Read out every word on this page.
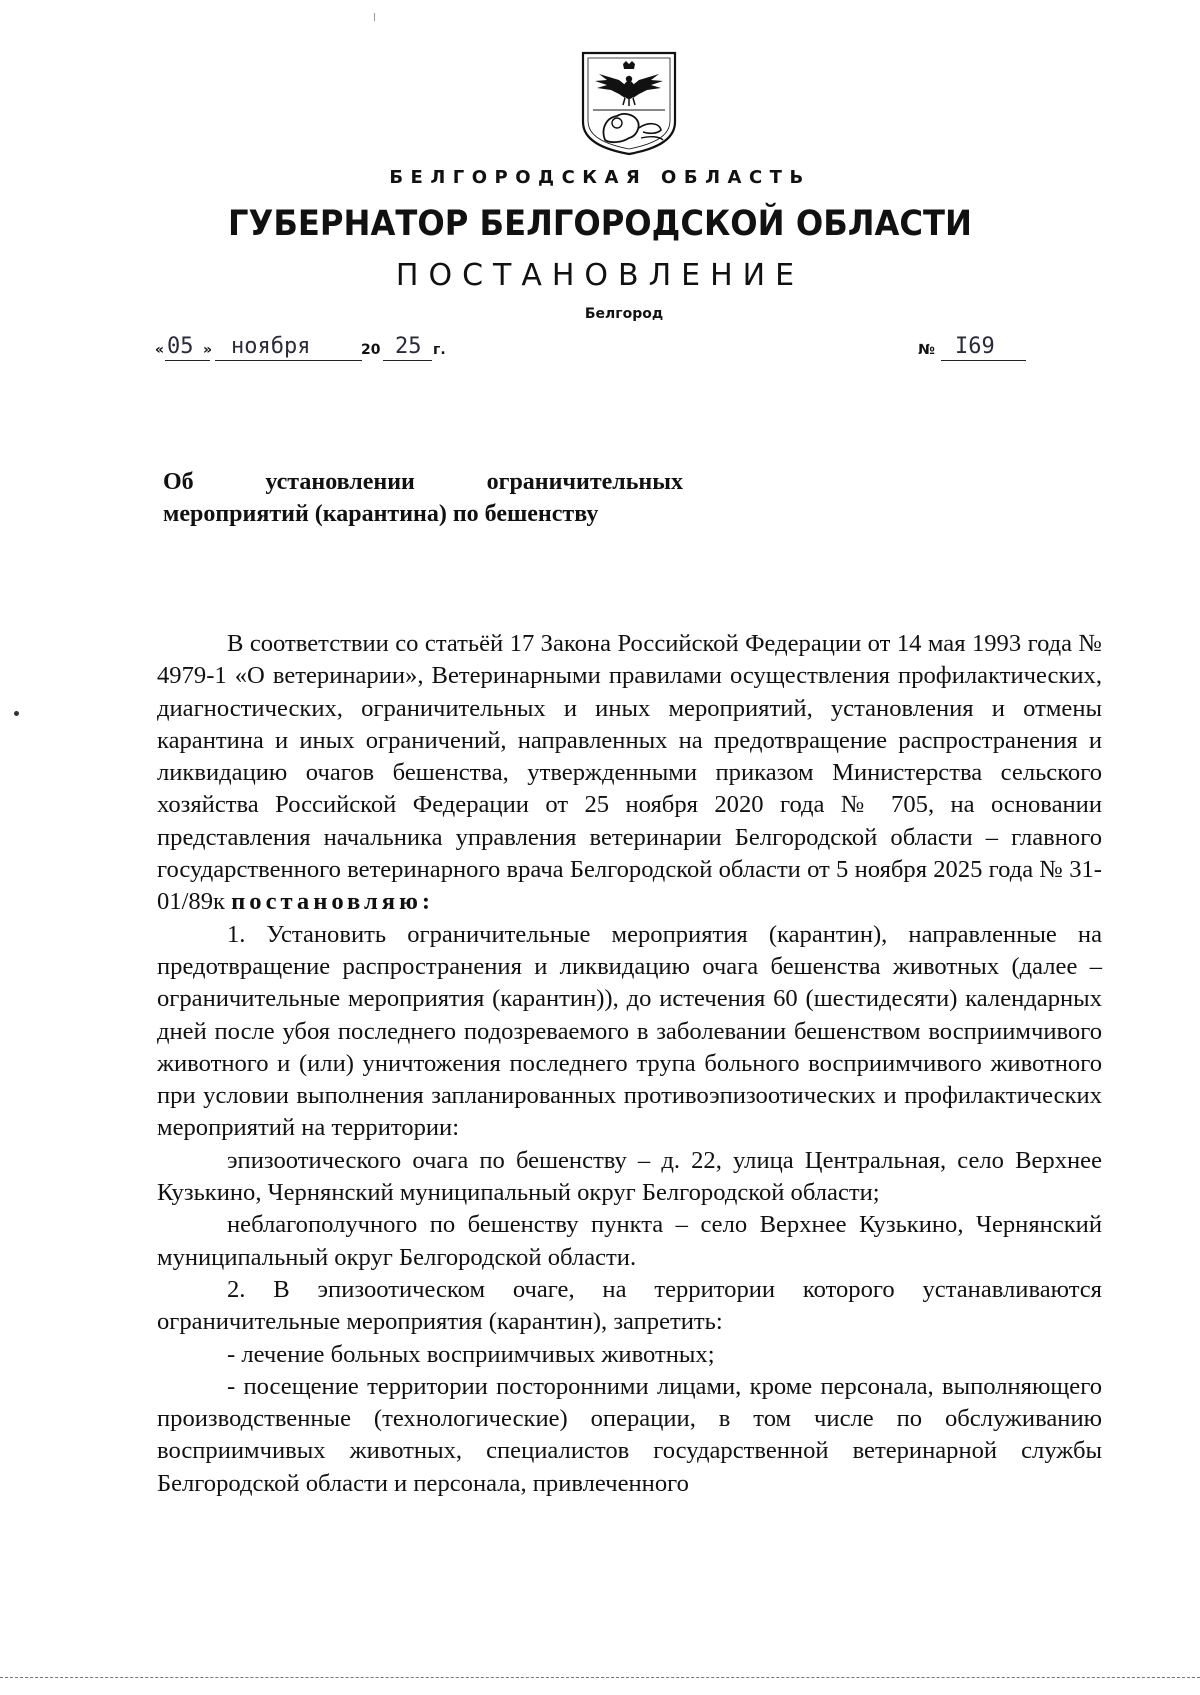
БЕЛГОРОДСКАЯ ОБЛАСТЬ
ГУБЕРНАТОР БЕЛГОРОДСКОЙ ОБЛАСТИ
ПОСТАНОВЛЕНИЕ
Белгород
« 05 » ноября	20 25 г.	№ I69
Об	установлении	ограничительных
мероприятий (карантина) по бешенству

В соответствии со статьёй 17 Закона Российской Федерации от 14 мая 1993 года № 4979-1 «О ветеринарии», Ветеринарными правилами осуществления профилактических, диагностических, ограничительных и иных мероприятий, установления и отмены карантина и иных ограничений, направленных на предотвращение распространения и ликвидацию очагов бешенства, утвержденными приказом Министерства сельского хозяйства Российской Федерации от 25 ноября 2020 года № 705, на основании представления начальника управления ветеринарии Белгородской области – главного государственного ветеринарного врача Белгородской области от 5 ноября 2025 года № 31-01/89к постановляю:

1. Установить ограничительные мероприятия (карантин), направленные на предотвращение распространения и ликвидацию очага бешенства животных (далее – ограничительные мероприятия (карантин)), до истечения 60 (шестидесяти) календарных дней после убоя последнего подозреваемого в заболевании бешенством восприимчивого животного и (или) уничтожения последнего трупа больного восприимчивого животного при условии выполнения запланированных противоэпизоотических и профилактических мероприятий на территории:

эпизоотического очага по бешенству – д. 22, улица Центральная, село Верхнее Кузькино, Чернянский муниципальный округ Белгородской области;

неблагополучного по бешенству пункта – село Верхнее Кузькино, Чернянский муниципальный округ Белгородской области.

2. В эпизоотическом очаге, на территории которого устанавливаются ограничительные мероприятия (карантин), запретить:

- лечение больных восприимчивых животных;

- посещение территории посторонними лицами, кроме персонала, выполняющего производственные (технологические) операции, в том числе по обслуживанию восприимчивых животных, специалистов государственной ветеринарной службы Белгородской области и персонала, привлеченного
